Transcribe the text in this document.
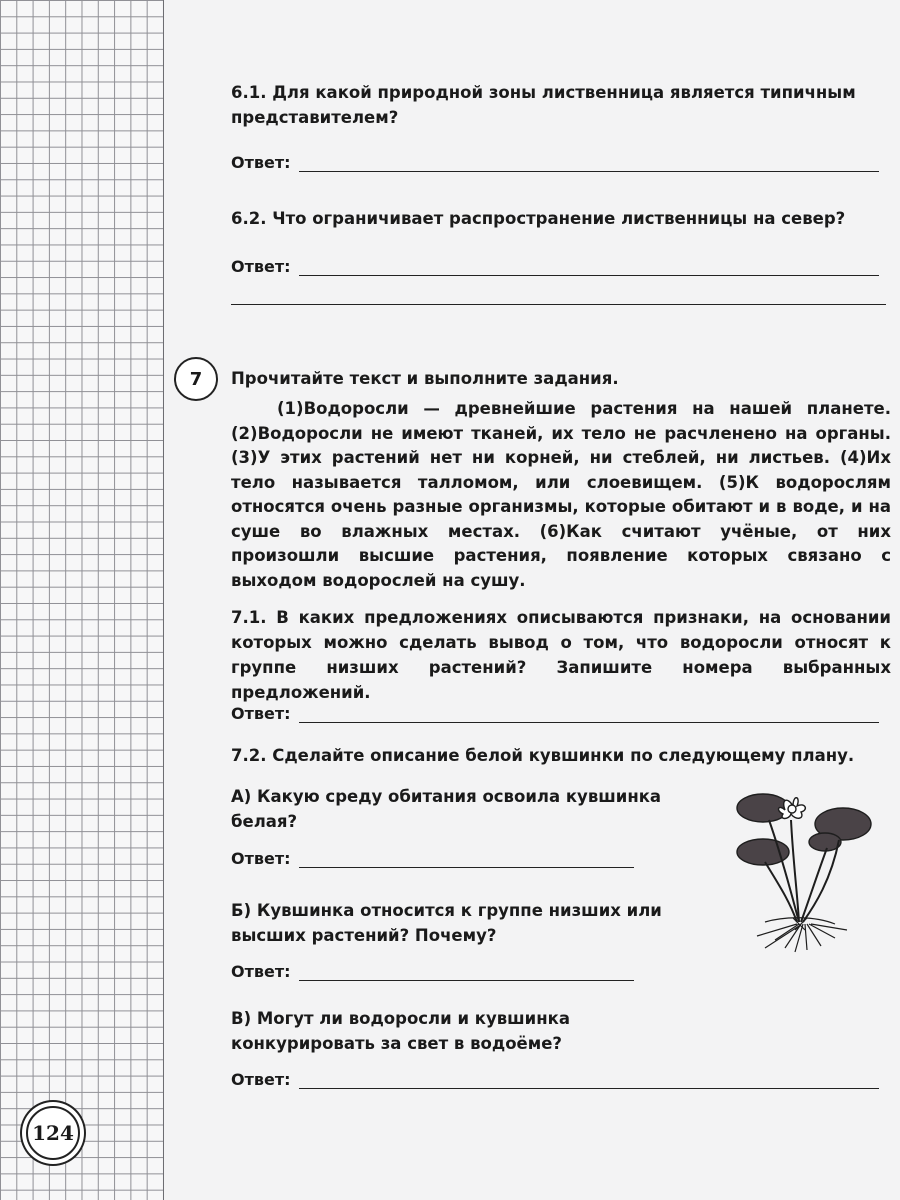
124
7
6.1. Для какой природной зоны лиственница является типичным представителем?
Ответ:
6.2. Что ограничивает распространение лиственницы на север?
Ответ:
Прочитайте текст и выполните задания.
(1)Водоросли — древнейшие растения на нашей планете. (2)Водоросли не имеют тканей, их тело не расчленено на органы. (3)У этих растений нет ни корней, ни стеблей, ни листьев. (4)Их тело называется талломом, или слоевищем. (5)К водорослям относятся очень разные организмы, которые обитают и в воде, и на суше во влажных местах. (6)Как считают учёные, от них произошли высшие растения, появление которых связано с выходом водорослей на сушу.
7.1. В каких предложениях описываются признаки, на основании которых можно сделать вывод о том, что водоросли относят к группе низших растений? Запишите номера выбранных предложений.
Ответ:
7.2. Сделайте описание белой кувшинки по следующему плану.
А) Какую среду обитания освоила кувшинка белая?
Ответ:
Б) Кувшинка относится к группе низших или высших растений? Почему?
Ответ:
В) Могут ли водоросли и кувшинка конкурировать за свет в водоёме?
Ответ:
